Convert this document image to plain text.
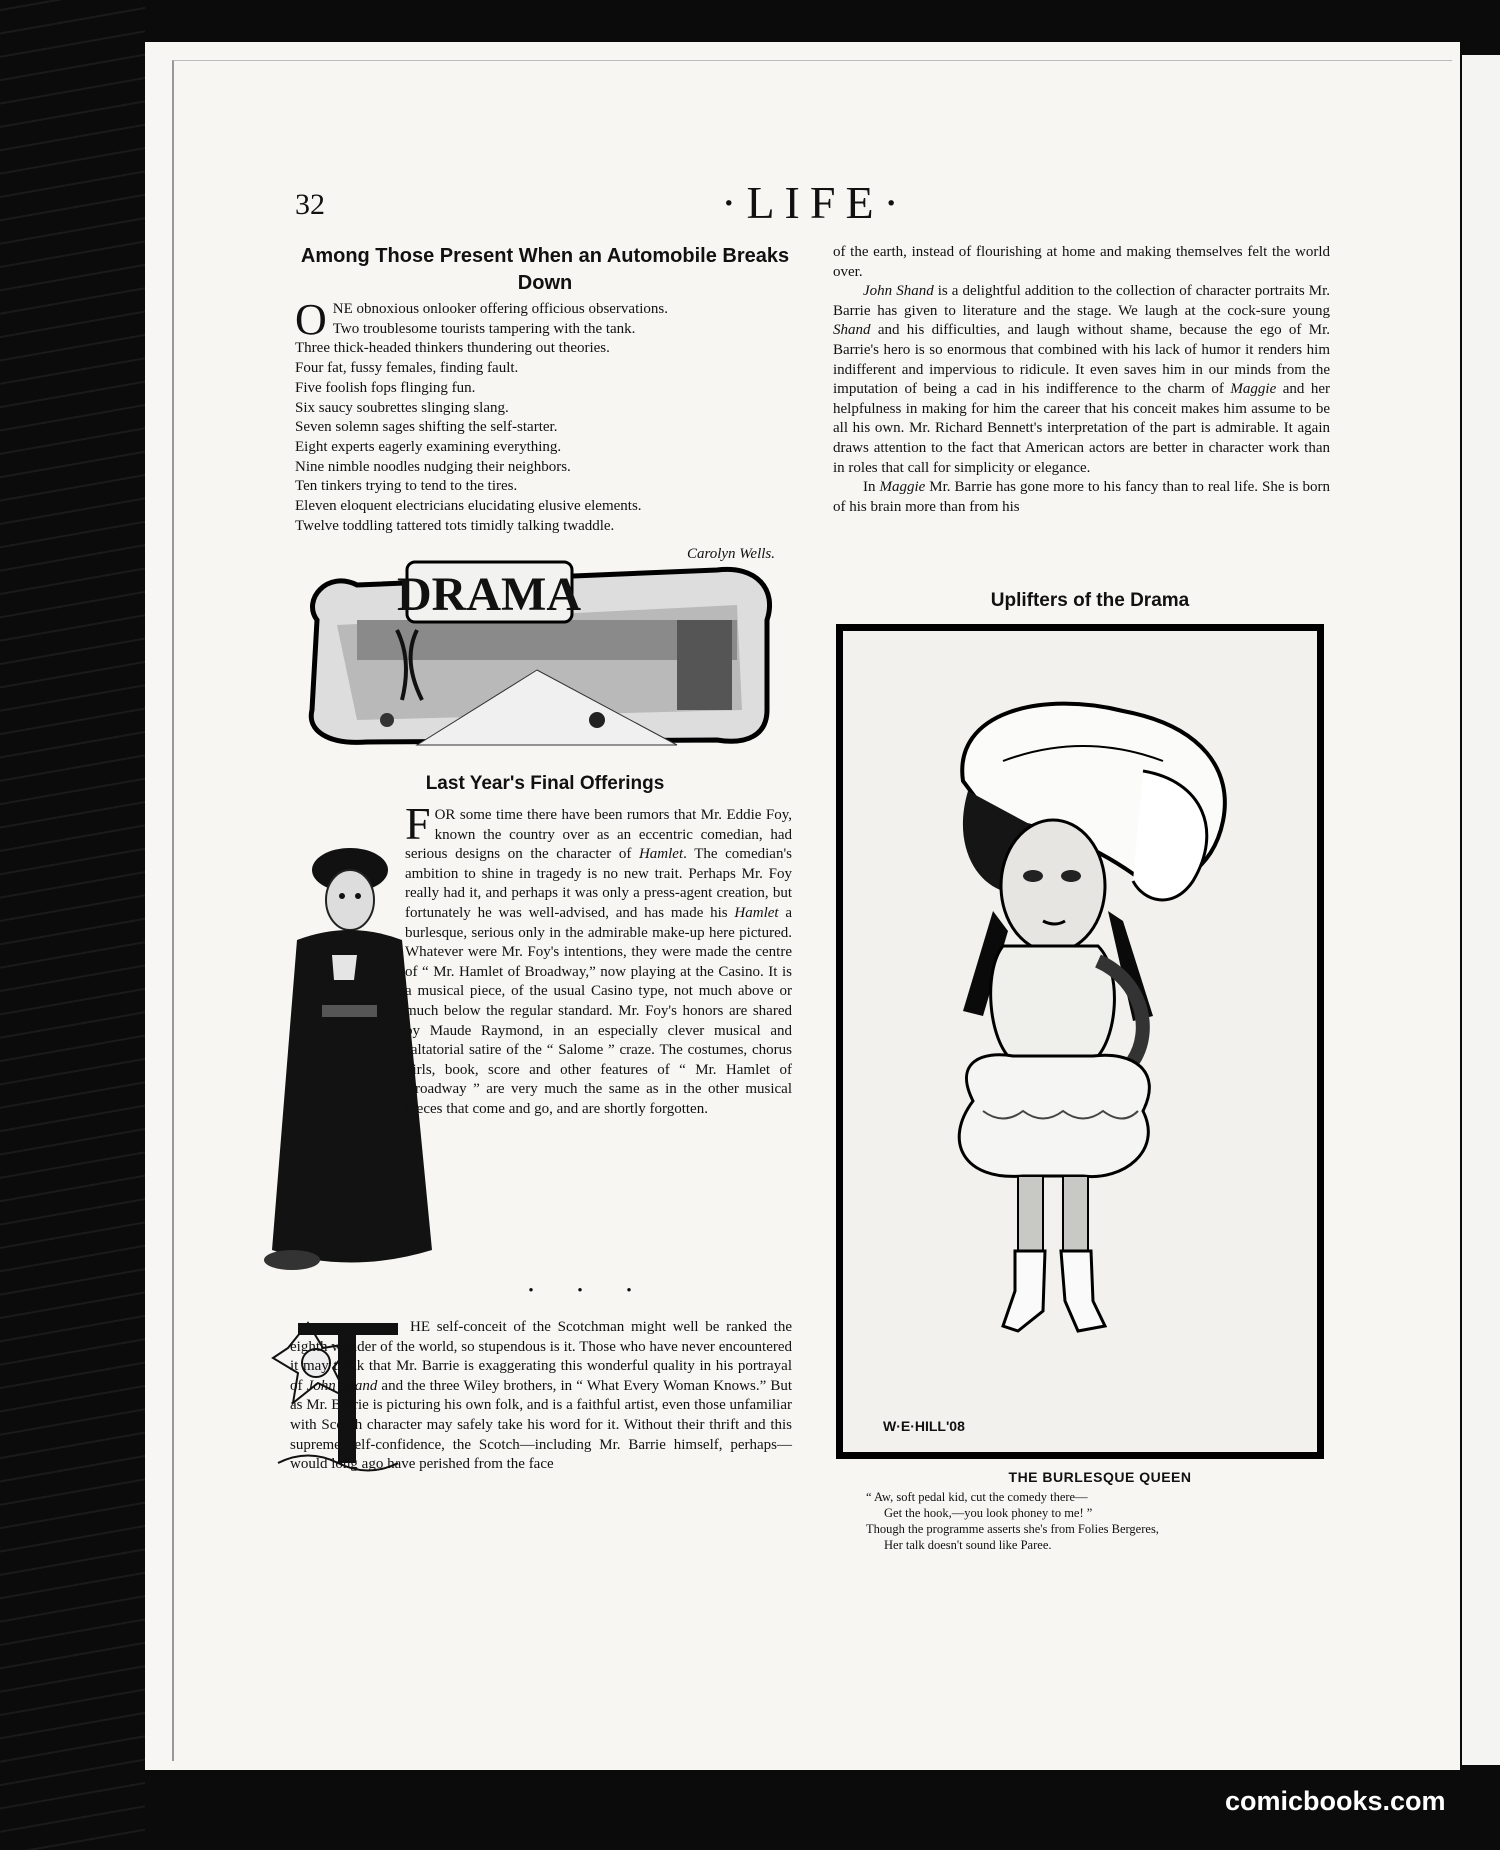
32	·LIFE·
Among Those Present When an Automobile Breaks Down
O NE obnoxious onlooker offering officious observations.
Two troublesome tourists tampering with the tank.
Three thick-headed thinkers thundering out theories.
Four fat, fussy females, finding fault.
Five foolish fops flinging fun.
Six saucy soubrettes slinging slang.
Seven solemn sages shifting the self-starter.
Eight experts eagerly examining everything.
Nine nimble noodles nudging their neighbors.
Ten tinkers trying to tend to the tires.
Eleven eloquent electricians elucidating elusive elements.
Twelve toddling tattered tots timidly talking twaddle.
Carolyn Wells.
DRAMA
Last Year's Final Offerings
FOR some time there have been rumors that Mr. Eddie Foy, known the country over as an eccentric comedian, had serious designs on the character of Hamlet. The comedian's ambition to shine in tragedy is no new trait. Perhaps Mr. Foy really had it, and perhaps it was only a press-agent creation, but fortunately he was well-advised, and has made his Hamlet a burlesque, serious only in the admirable make-up here pictured. Whatever were Mr. Foy's intentions, they were made the centre of “ Mr. Hamlet of Broadway,” now playing at the Casino. It is a musical piece, of the usual Casino type, not much above or much below the regular standard. Mr. Foy's honors are shared by Maude Raymond, in an especially clever musical and saltatorial satire of the “ Salome ” craze. The costumes, chorus girls, book, score and other features of “ Mr. Hamlet of Broadway ” are very much the same as in the other musical pieces that come and go, and are shortly forgotten.
• • •
HE self-conceit of the Scotchman might well be ranked the eighth wonder of the world, so stupendous is it. Those who have never encountered it may think that Mr. Barrie is exaggerating this wonderful quality in his portrayal of John Shand and the three Wiley brothers, in “ What Every Woman Knows.” But as Mr. Barrie is picturing his own folk, and is a faithful artist, even those unfamiliar with Scotch character may safely take his word for it. Without their thrift and this supreme self-confidence, the Scotch—including Mr. Barrie himself, perhaps—would long ago have perished from the face

of the earth, instead of flourishing at home and making themselves felt the world over.

John Shand is a delightful addition to the collection of character portraits Mr. Barrie has given to literature and the stage. We laugh at the cock-sure young Shand and his difficulties, and laugh without shame, because the ego of Mr. Barrie's hero is so enormous that combined with his lack of humor it renders him indifferent and impervious to ridicule. It even saves him in our minds from the imputation of being a cad in his indifference to the charm of Maggie and her helpfulness in making for him the career that his conceit makes him assume to be all his own. Mr. Richard Bennett's interpretation of the part is admirable. It again draws attention to the fact that American actors are better in character work than in roles that call for simplicity or elegance.

In Maggie Mr. Barrie has gone more to his fancy than to real life. She is born of his brain more than from his

Uplifters of the Drama
W·E·HILL'08
THE BURLESQUE QUEEN
“ Aw, soft pedal kid, cut the comedy there—
Get the hook,—you look phoney to me! ”
Though the programme asserts she's from Folies Bergeres,
Her talk doesn't sound like Paree.
comicbooks.com
